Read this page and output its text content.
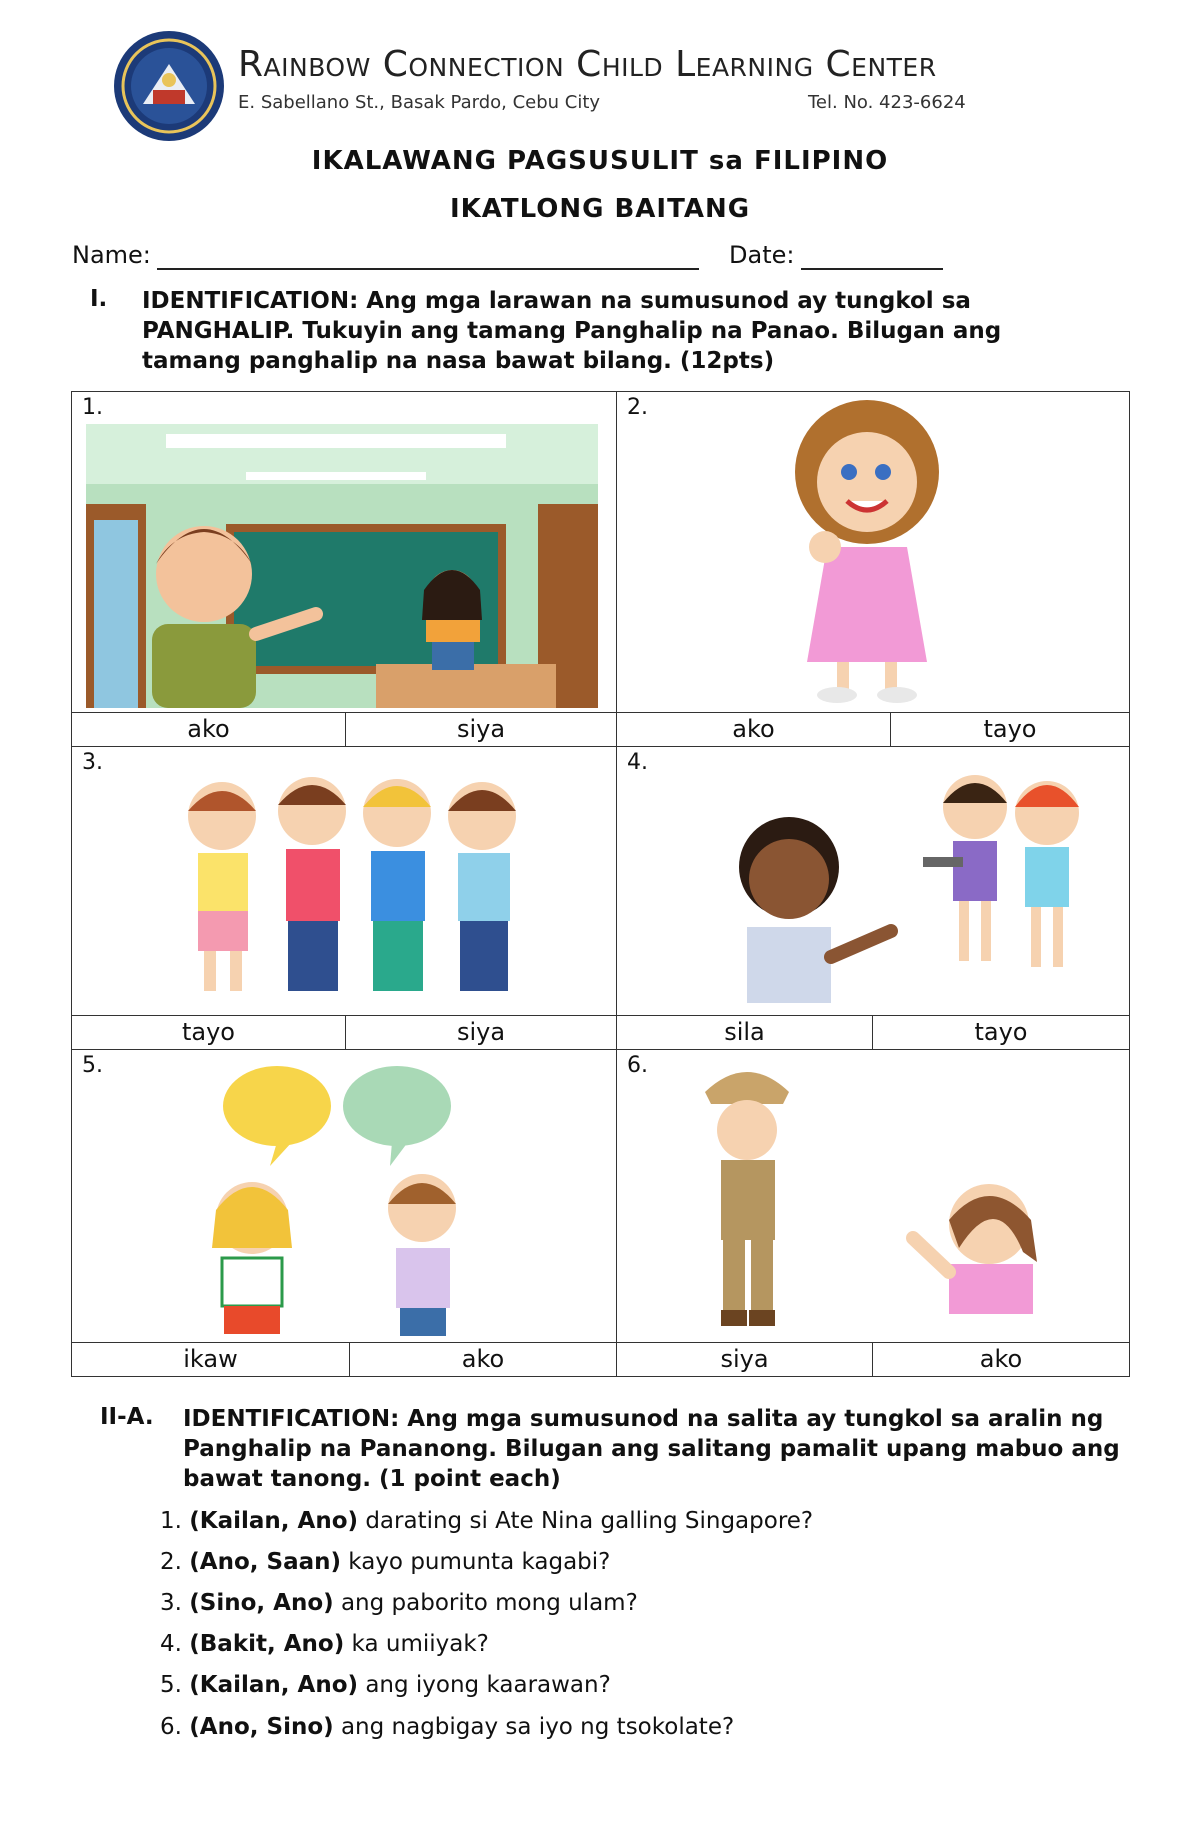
Rainbow Connection Child Learning Center
E. Sabellano St., Basak Pardo, Cebu City	Tel. No. 423-6624
IKALAWANG PAGSUSULIT sa FILIPINO
IKATLONG BAITANG
Name:	Date:
I. IDENTIFICATION: Ang mga larawan na sumusunod ay tungkol sa PANGHALIP. Tukuyin ang tamang Panghalip na Panao. Bilugan ang tamang panghalip na nasa bawat bilang. (12pts)
1.
ako	siya
2.
ako	tayo
3.
tayo	siya
4.
sila	tayo
5.
ikaw	ako
6.
siya	ako
II-A. IDENTIFICATION: Ang mga sumusunod na salita ay tungkol sa aralin ng Panghalip na Pananong. Bilugan ang salitang pamalit upang mabuo ang bawat tanong. (1 point each)
1. (Kailan, Ano) darating si Ate Nina galling Singapore?
2. (Ano, Saan) kayo pumunta kagabi?
3. (Sino, Ano) ang paborito mong ulam?
4. (Bakit, Ano) ka umiiyak?
5. (Kailan, Ano) ang iyong kaarawan?
6. (Ano, Sino) ang nagbigay sa iyo ng tsokolate?
